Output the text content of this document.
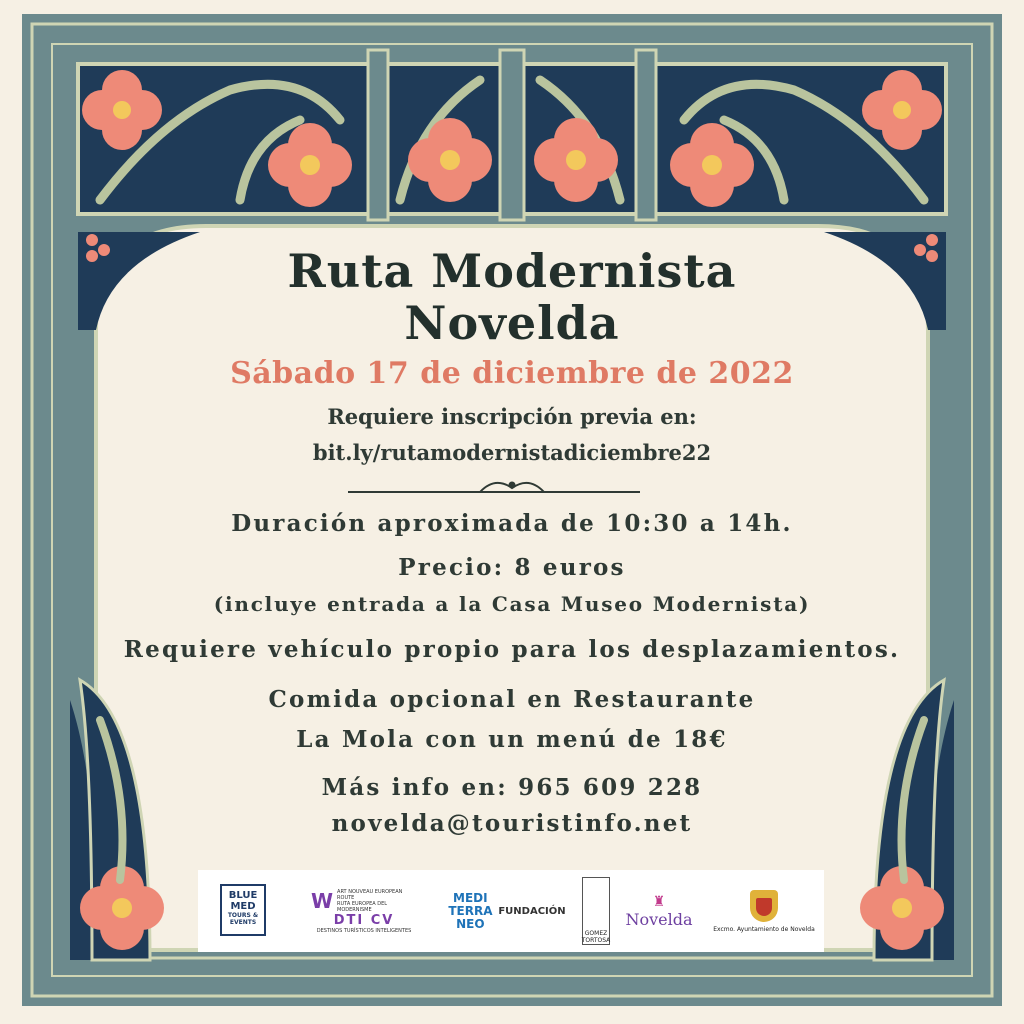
Ruta Modernista
Novelda
Sábado 17 de diciembre de 2022
Requiere inscripción previa en:
bit.ly/rutamodernistadiciembre22
Duración aproximada de 10:30 a 14h.
Precio: 8 euros
(incluye entrada a la Casa Museo Modernista)
Requiere vehículo propio para los desplazamientos.
Comida opcional en Restaurante
La Mola con un menú de 18€
Más info en: 965 609 228
novelda@touristinfo.net
BLUE MED
TOURS & EVENTS
W ART NOUVEAU EUROPEAN ROUTE
RUTA EUROPEA DEL MODERNISME
DTI CV
DESTINOS TURÍSTICOS INTELIGENTES
MEDI TERRA NEO
FUNDACIÓN
GOMEZ TORTOSA
♜
Novelda
Excmo. Ayuntamiento de Novelda
